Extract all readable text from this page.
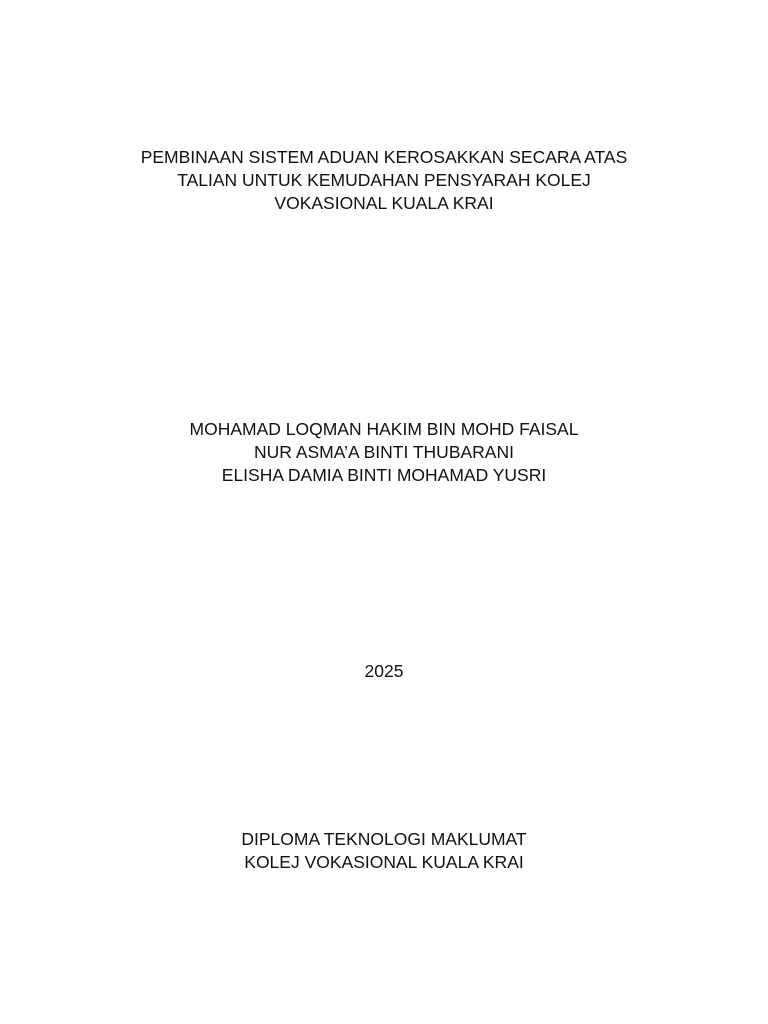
PEMBINAAN SISTEM ADUAN KEROSAKKAN SECARA ATAS
TALIAN UNTUK KEMUDAHAN PENSYARAH KOLEJ
VOKASIONAL KUALA KRAI
MOHAMAD LOQMAN HAKIM BIN MOHD FAISAL
NUR ASMA’A BINTI THUBARANI
ELISHA DAMIA BINTI MOHAMAD YUSRI
2025
DIPLOMA TEKNOLOGI MAKLUMAT
KOLEJ VOKASIONAL KUALA KRAI
